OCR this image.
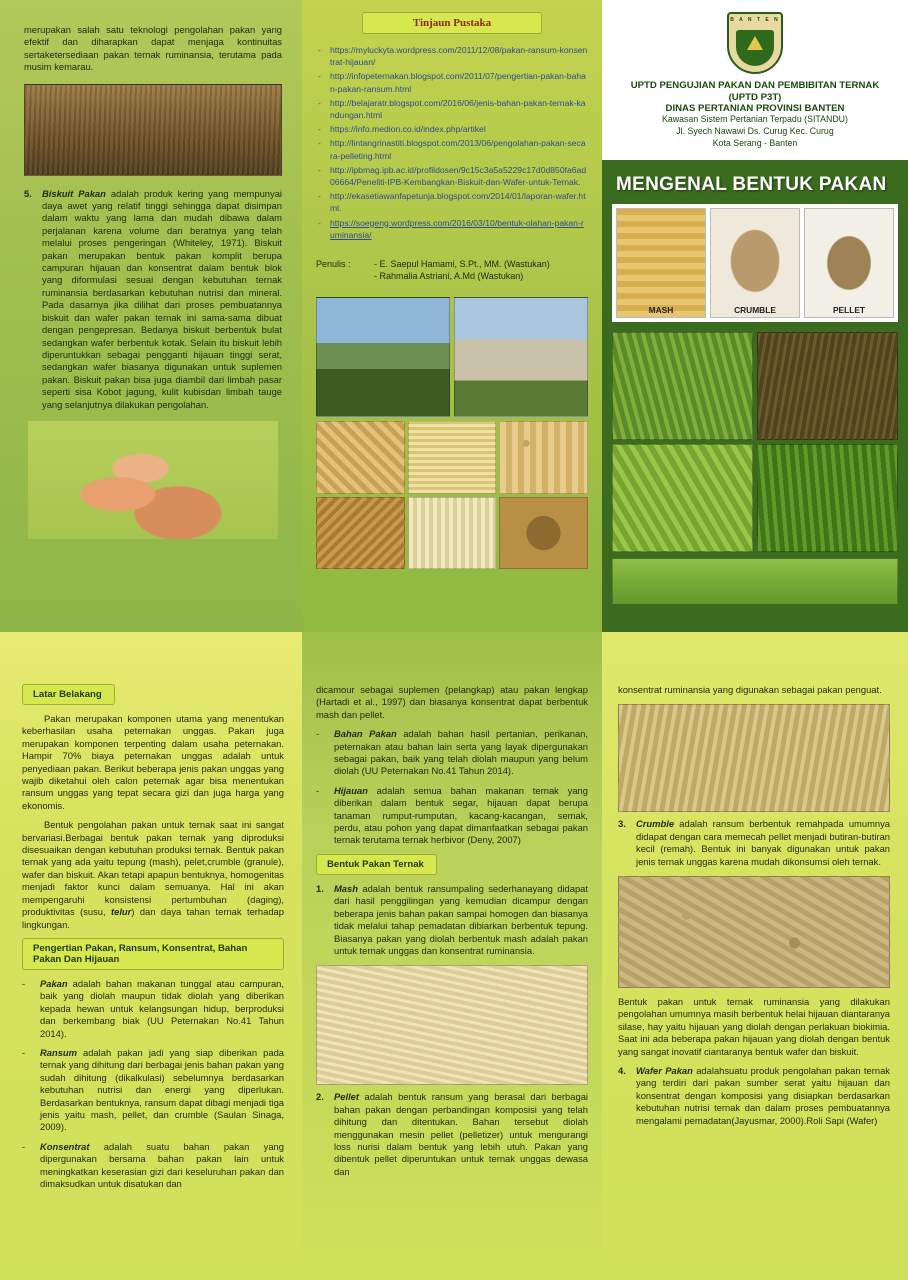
merupakan salah satu teknologi pengolahan pakan yang efektif dan diharapkan dapat menjaga kontinuitas sertaketersediaan pakan ternak ruminansia, terutama pada musim kemarau.
5. Biskuit Pakan adalah produk kering yang mempunyai daya awet yang relatif tinggi sehingga dapat disimpan dalam waktu yang lama dan mudah dibawa dalam perjalanan karena volume dan beratnya yang telah melalui proses pengeringan (Whiteley, 1971). Biskuit pakan merupakan bentuk pakan komplit berupa campuran hijauan dan konsentrat dalam bentuk blok yang diformulasi sesuai dengan kebutuhan ternak ruminansia berdasarkan kebutuhan nutrisi dan mineral. Pada dasarnya jika dilihat dari proses pembuatannya biskuit dan wafer pakan ternak ini sama-sama dibuat dengan pengepresan. Bedanya biskuit berbentuk bulat sedangkan wafer berbentuk kotak. Selain itu biskuit lebih diperuntukkan sebagai pengganti hijauan tinggi serat, sedangkan wafer biasanya digunakan untuk suplemen pakan. Biskuit pakan bisa juga diambil dari limbah pasar seperti sisa Kobot jagung, kulit kubisdan limbah tauge yang selanjutnya dilakukan pengolahan.
Tinjaun Pustaka
- https://myluckyta.wordpress.com/2011/12/08/pakan-ransum-konsentrat-hijauan/
- http://infopeternakan.blogspot.com/2011/07/pengertian-pakan-bahan-pakan-ransum.html
- http://belajaratr.blogspot.com/2016/06/jenis-bahan-pakan-ternak-kandungan.html
- https://info.medion.co.id/index.php/artikel
- http://lintangrinastiti.blogspot.com/2013/06/pengolahan-pakan-secara-pelleting.html
- http://ipbmag.ipb.ac.id/profildosen/9c15c3a5a5229c17d0d850fa6ad06664/Peneliti-IPB-Kembangkan-Biskuit-dan-Wafer-untuk-Ternak.
- http://ekasetiawanfapetunja.blogspot.com/2014/01/laporan-wafer.html.
- https://soegeng.wordpress.com/2016/03/10/bentuk-olahan-pakan-ruminansia/
Penulis :	- E. Saepul Hamami, S.Pt., MM. (Wastukan)
- Rahmalia Astriani, A.Md (Wastukan)
B A N T E N
UPTD PENGUJIAN PAKAN DAN PEMBIBITAN TERNAK
(UPTD P3T)
DINAS PERTANIAN PROVINSI BANTEN
Kawasan Sistem Pertanian Terpadu (SITANDU)
Jl. Syech Nawawi Ds. Curug Kec. Curug
Kota Serang - Banten
MENGENAL BENTUK PAKAN
MASH	CRUMBLE	PELLET
Latar Belakang

Pakan merupakan komponen utama yang menentukan keberhasilan usaha peternakan unggas. Pakan juga merupakan komponen terpenting dalam usaha peternakan. Hampir 70% biaya peternakan unggas adalah untuk penyediaan pakan. Berikut beberapa jenis pakan unggas yang wajib diketahui oleh calon peternak agar bisa menentukan ransum unggas yang tepat secara gizi dan juga harga yang ekonomis.

Bentuk pengolahan pakan untuk ternak saat ini sangat bervariasi.Berbagai bentuk pakan ternak yang diproduksi disesuaikan dengan kebutuhan produksi ternak. Bentuk pakan ternak yang ada yaitu tepung (mash), pelet,crumble (granule), wafer dan biskuit. Akan tetapi apapun bentuknya, homogenitas menjadi faktor kunci dalam semuanya. Hal ini akan mempengaruhi konsistensi pertumbuhan (daging), produktivitas (susu, telur) dan daya tahan ternak terhadap lingkungan.

Pengertian Pakan, Ransum, Konsentrat, Bahan Pakan Dan Hijauan
- Pakan adalah bahan makanan tunggal atau campuran, baik yang diolah maupun tidak diolah yang diberikan kepada hewan untuk kelangsungan hidup, berproduksi dan berkembang biak (UU Peternakan No.41 Tahun 2014).
- Ransum adalah pakan jadi yang siap diberikan pada ternak yang dihitung dari berbagai jenis bahan pakan yang sudah dihitung (dikalkulasi) sebelumnya berdasarkan kebutuhan nutrisi dan energi yang diperlukan. Berdasarkan bentuknya, ransum dapat dibagi menjadi tiga jenis yaitu mash, pellet, dan crumble (Saulan Sinaga, 2009).
- Konsentrat adalah suatu bahan pakan yang dipergunakan bersama bahan pakan lain untuk meningkatkan keserasian gizi dari keseluruhan pakan dan dimaksudkan untuk disatukan dan

dicamour sebagai suplemen (pelangkap) atau pakan lengkap (Hartadi et al., 1997) dan biasanya konsentrat dapat berbentuk mash dan pellet.

- Bahan Pakan adalah bahan hasil pertanian, perikanan, peternakan atau bahan lain serta yang layak dipergunakan sebagai pakan, baik yang telah diolah maupun yang belum diolah (UU Peternakan No.41 Tahun 2014).
- Hijauan adalah semua bahan makanan ternak yang diberikan dalam bentuk segar, hijauan dapat berupa tanaman rumput-rumputan, kacang-kacangan, semak, perdu, atau pohon yang dapat dimanfaatkan sebagai pakan ternak terutama ternak herbivor (Deny, 2007)
Bentuk Pakan Ternak
1. Mash adalah bentuk ransumpaling sederhanayang didapat dari hasil penggilingan yang kemudian dicampur dengan beberapa jenis bahan pakan sampai homogen dan biasanya tidak melalui tahap pemadatan dibiarkan berbentuk tepung. Biasanya pakan yang diolah berbentuk mash adalah pakan untuk ternak unggas dan konsentrat ruminansia.
2. Pellet adalah bentuk ransum yang berasal dari berbagai bahan pakan dengan perbandingan komposisi yang telah dihitung dan ditentukan. Bahan tersebut diolah menggunakan mesin pellet (pelletizer) untuk mengurangi loss nurisi dalam bentuk yang lebih utuh. Pakan yang dibentuk pellet diperuntukan untuk ternak unggas dewasa dan

konsentrat ruminansia yang digunakan sebagai pakan penguat.

3. Crumble adalah ransum berbentuk remahpada umumnya didapat dengan cara memecah pellet menjadi butiran-butiran kecil (remah). Bentuk ini banyak digunakan untuk pakan jenis ternak unggas karena mudah dikonsumsi oleh ternak.

Bentuk pakan untuk ternak ruminansia yang dilakukan pengolahan umumnya masih berbentuk helai hijauan diantaranya silase, hay yaitu hijauan yang diolah dengan perlakuan biokimia. Saat ini ada beberapa pakan hijauan yang diolah dengan bentuk yang sangat inovatif ciantaranya bentuk wafer dan biskuit.

4. Wafer Pakan adalahsuatu produk pengolahan pakan ternak yang terdiri dari pakan sumber serat yaitu hijauan dan konsentrat dengan komposisi yang disiapkan berdasarkan kebutuhan nutrisi ternak dan dalam proses pembuatannya mengalami pemadatan(Jayusmar, 2000).Roli Sapi (Wafer)
